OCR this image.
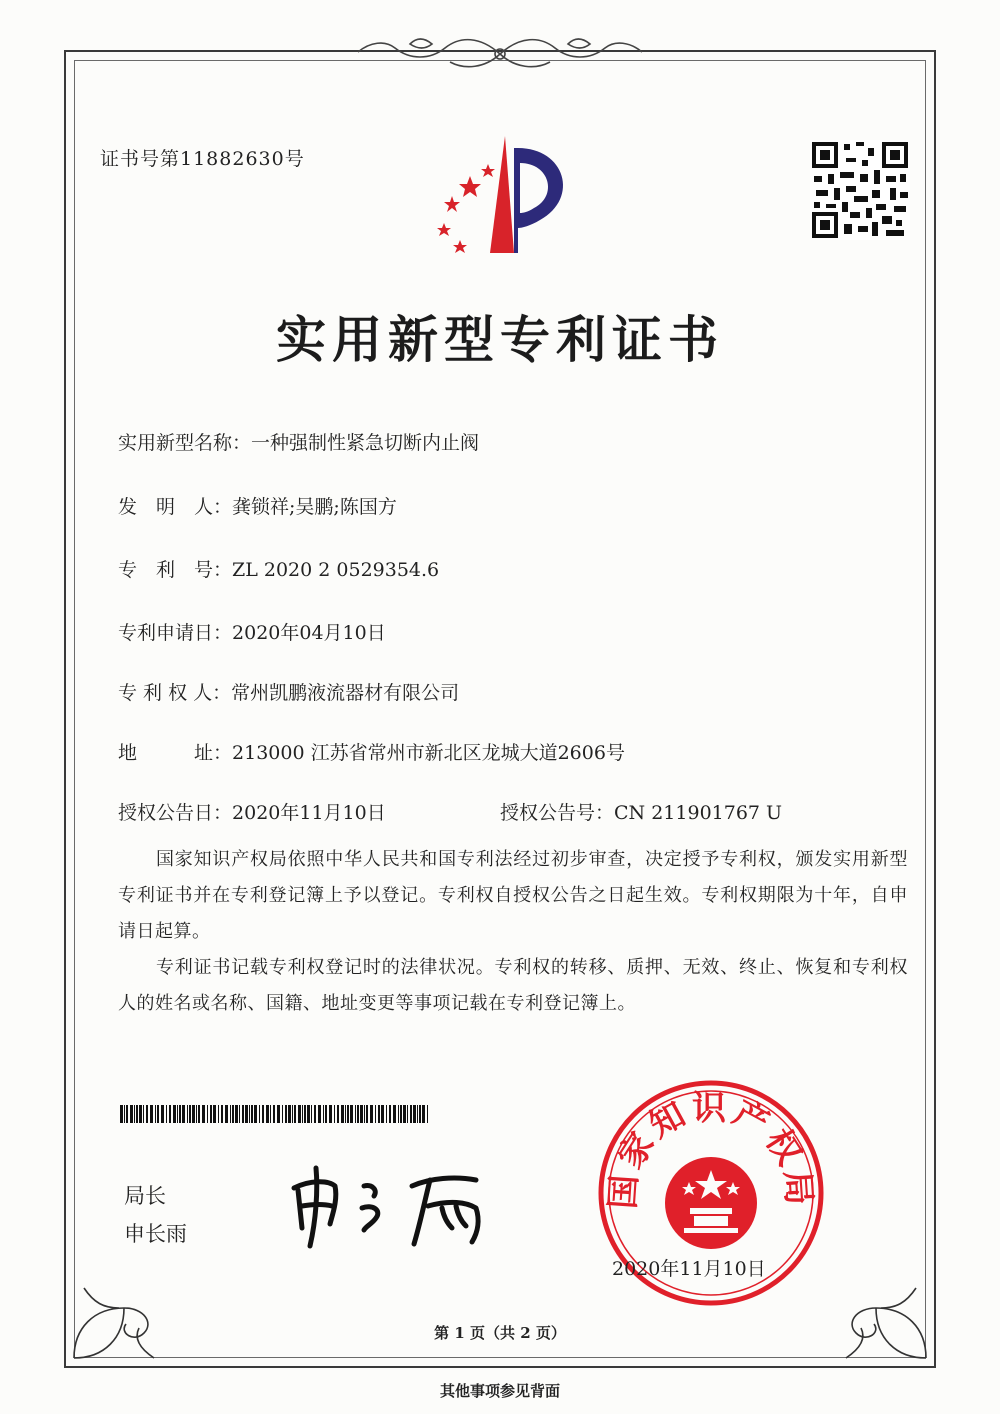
证书号第11882630号
实用新型专利证书
实用新型名称：一种强制性紧急切断内止阀
发　明　人：龚锁祥;吴鹏;陈国方
专　利　号：ZL 2020 2 0529354.6
专利申请日：2020年04月10日
专 利 权 人：常州凯鹏液流器材有限公司
地　　　址：213000 江苏省常州市新北区龙城大道2606号
授权公告日：2020年11月10日	授权公告号：CN 211901767 U

国家知识产权局依照中华人民共和国专利法经过初步审查，决定授予专利权，颁发实用新型专利证书并在专利登记簿上予以登记。专利权自授权公告之日起生效。专利权期限为十年，自申请日起算。

专利证书记载专利权登记时的法律状况。专利权的转移、质押、无效、终止、恢复和专利权人的姓名或名称、国籍、地址变更等事项记载在专利登记簿上。

局长
申长雨
国家知识产权局
2020年11月10日
第 1 页（共 2 页）
其他事项参见背面
